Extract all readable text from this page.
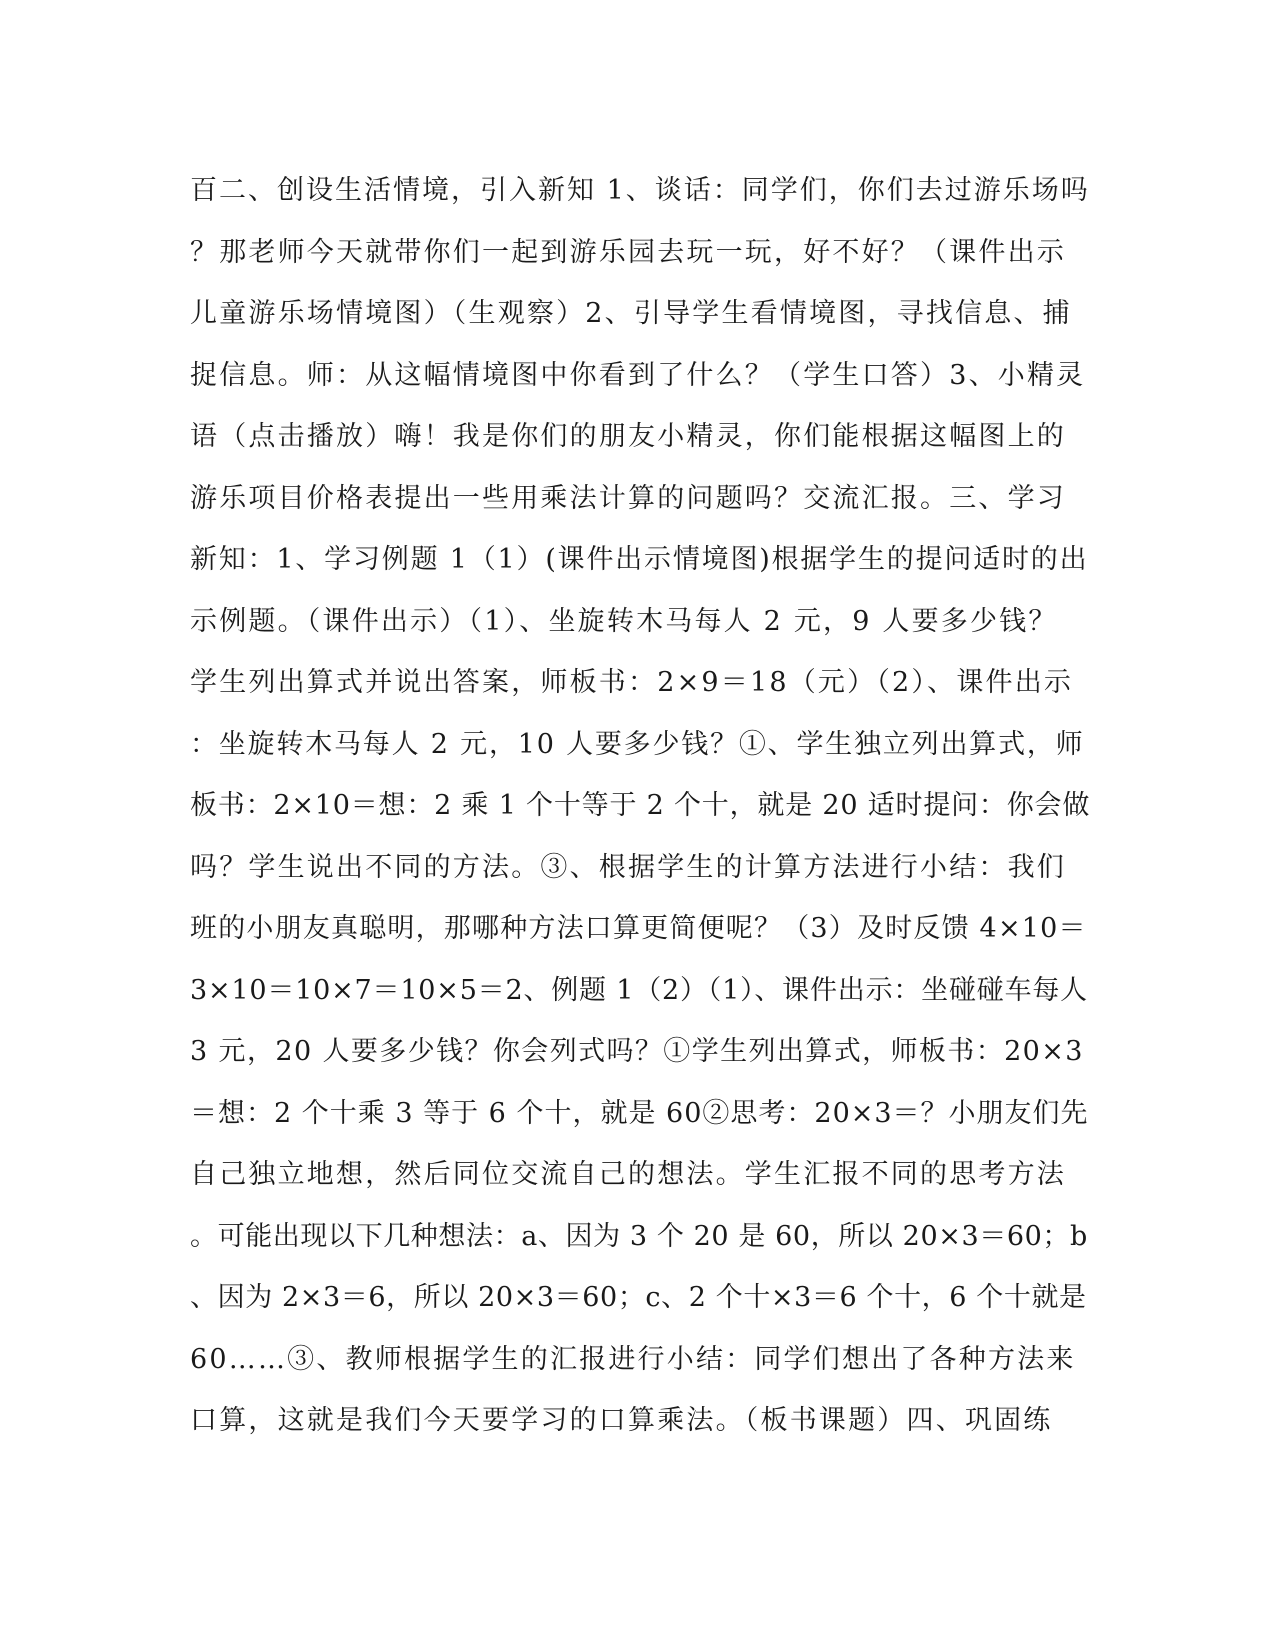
百二、创设生活情境，引入新知 1、谈话：同学们，你们去过游乐场吗
？那老师今天就带你们一起到游乐园去玩一玩，好不好？（课件出示
儿童游乐场情境图）（生观察）2、引导学生看情境图，寻找信息、捕
捉信息。师：从这幅情境图中你看到了什么？（学生口答）3、小精灵
语（点击播放）嗨！我是你们的朋友小精灵，你们能根据这幅图上的
游乐项目价格表提出一些用乘法计算的问题吗？交流汇报。三、学习
新知：1、学习例题 1（1）(课件出示情境图)根据学生的提问适时的出
示例题。（课件出示）（1）、坐旋转木马每人 2 元，9 人要多少钱？
学生列出算式并说出答案，师板书：2×9＝18（元）（2）、课件出示
：坐旋转木马每人 2 元，10 人要多少钱？①、学生独立列出算式，师
板书：2×10＝想：2 乘 1 个十等于 2 个十，就是 20 适时提问：你会做
吗？学生说出不同的方法。③、根据学生的计算方法进行小结：我们
班的小朋友真聪明，那哪种方法口算更简便呢？（3）及时反馈 4×10＝
3×10＝10×7＝10×5＝2、例题 1（2）（1）、课件出示：坐碰碰车每人
3 元，20 人要多少钱？你会列式吗？①学生列出算式，师板书：20×3
＝想：2 个十乘 3 等于 6 个十，就是 60②思考：20×3＝？小朋友们先
自己独立地想，然后同位交流自己的想法。学生汇报不同的思考方法
。可能出现以下几种想法：a、因为 3 个 20 是 60，所以 20×3＝60；b
、因为 2×3＝6，所以 20×3＝60；c、2 个十×3＝6 个十，6 个十就是
60……③、教师根据学生的汇报进行小结：同学们想出了各种方法来
口算，这就是我们今天要学习的口算乘法。（板书课题）四、巩固练
